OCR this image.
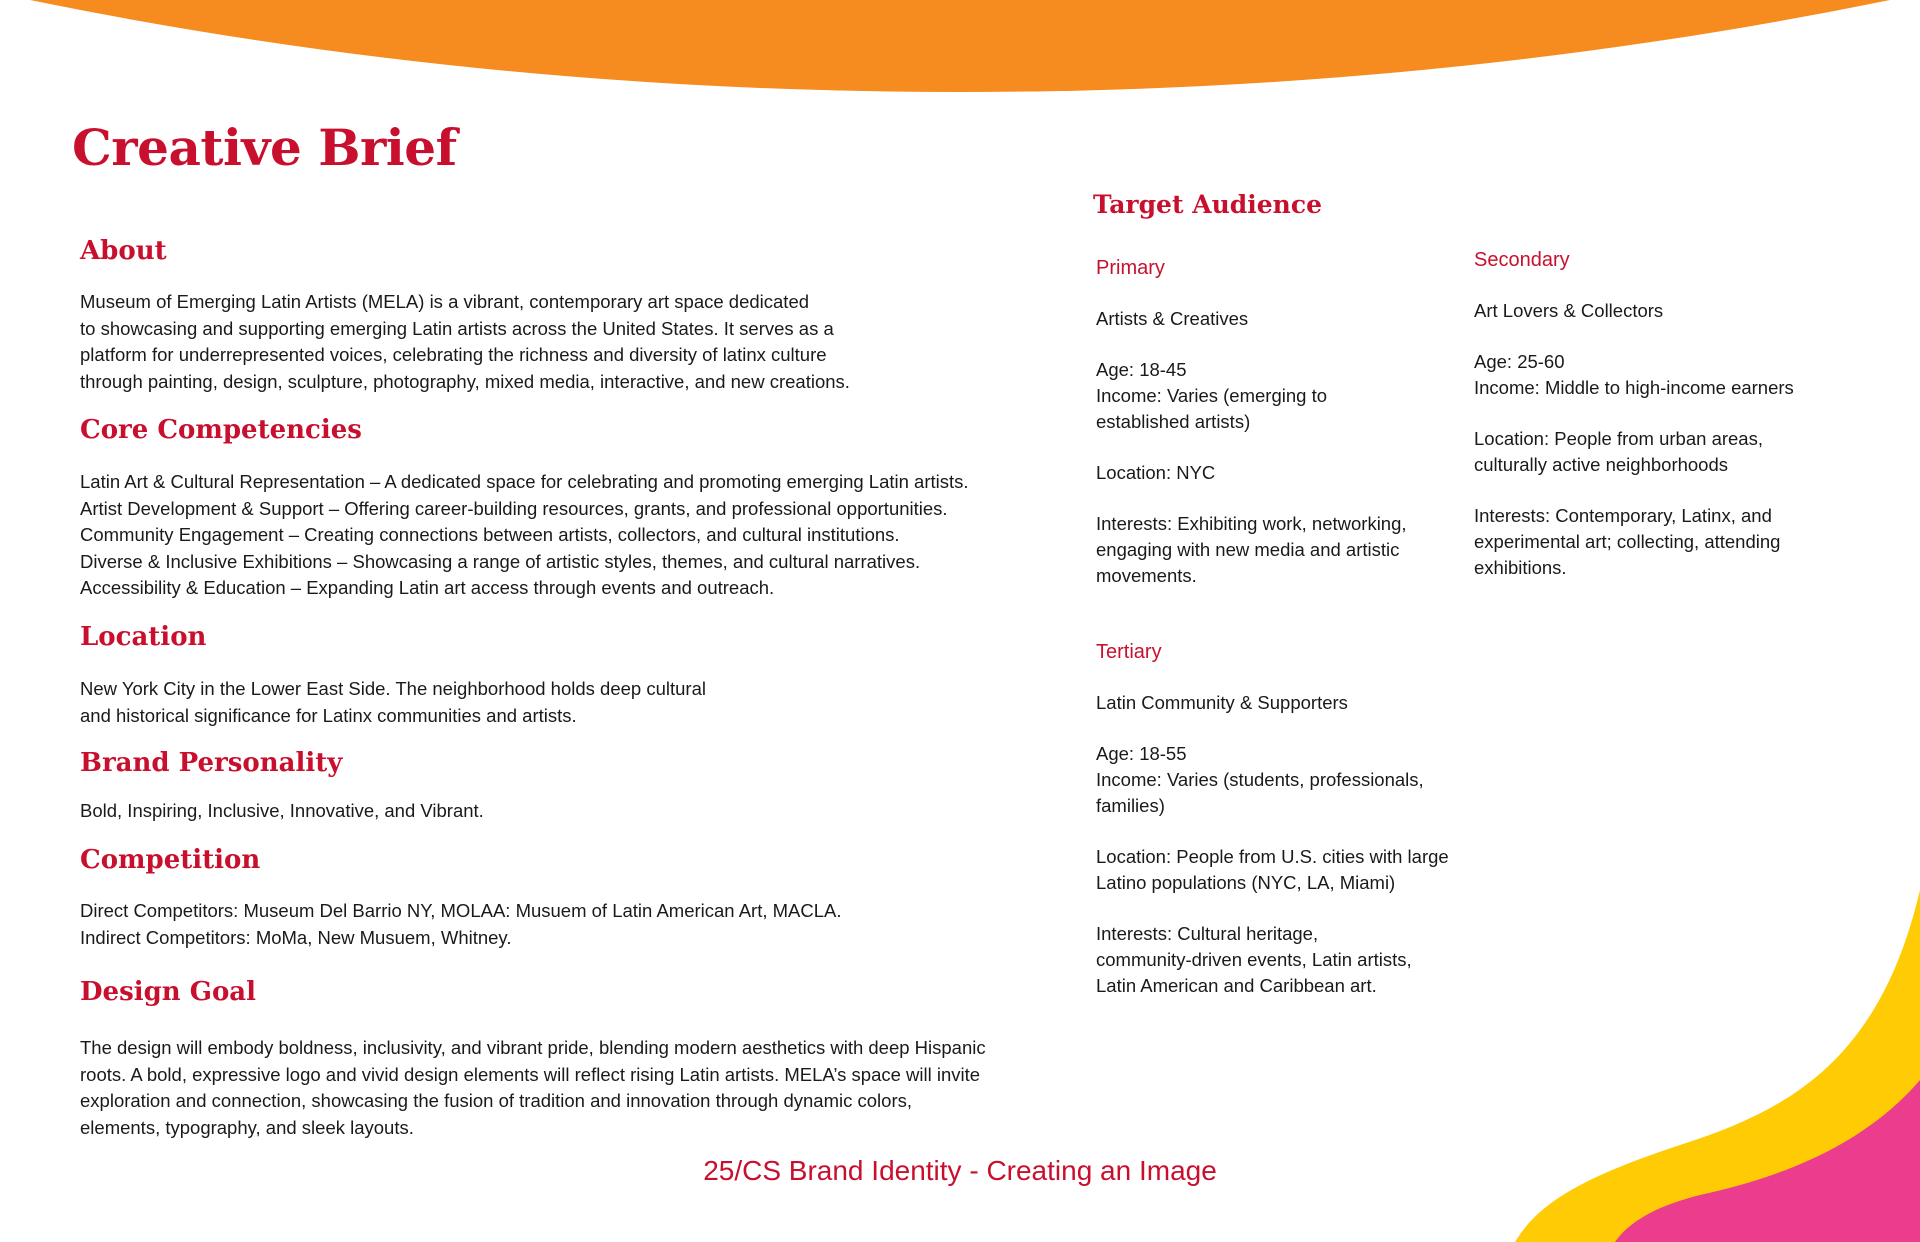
Creative Brief
About

Museum of Emerging Latin Artists (MELA) is a vibrant, contemporary art space dedicated

to showcasing and supporting emerging Latin artists across the United States. It serves as a

platform for underrepresented voices, celebrating the richness and diversity of latinx culture

through painting, design, sculpture, photography, mixed media, interactive, and new creations.

Core Competencies

Latin Art & Cultural Representation – A dedicated space for celebrating and promoting emerging Latin artists.

Artist Development & Support – Offering career-building resources, grants, and professional opportunities.

Community Engagement – Creating connections between artists, collectors, and cultural institutions.

Diverse & Inclusive Exhibitions – Showcasing a range of artistic styles, themes, and cultural narratives.

Accessibility & Education – Expanding Latin art access through events and outreach.

Location

New York City in the Lower East Side. The neighborhood holds deep cultural

and historical significance for Latinx communities and artists.

Brand Personality

Bold, Inspiring, Inclusive, Innovative, and Vibrant.

Competition

Direct Competitors: Museum Del Barrio NY, MOLAA: Musuem of Latin American Art, MACLA.

Indirect Competitors: MoMa, New Musuem, Whitney.

Design Goal

The design will embody boldness, inclusivity, and vibrant pride, blending modern aesthetics with deep Hispanic

roots. A bold, expressive logo and vivid design elements will reflect rising Latin artists. MELA’s space will invite

exploration and connection, showcasing the fusion of tradition and innovation through dynamic colors,

elements, typography, and sleek layouts.

Target Audience
Primary
Artists & Creatives
Age: 18-45
Income: Varies (emerging to
established artists)
Location: NYC
Interests: Exhibiting work, networking,
engaging with new media and artistic
movements.
Secondary
Art Lovers & Collectors
Age: 25-60
Income: Middle to high-income earners
Location: People from urban areas,
culturally active neighborhoods
Interests: Contemporary, Latinx, and
experimental art; collecting, attending
exhibitions.
Tertiary
Latin Community & Supporters
Age: 18-55
Income: Varies (students, professionals,
families)
Location: People from U.S. cities with large
Latino populations (NYC, LA, Miami)
Interests: Cultural heritage,
community-driven events, Latin artists,
Latin American and Caribbean art.
25/CS Brand Identity - Creating an Image
